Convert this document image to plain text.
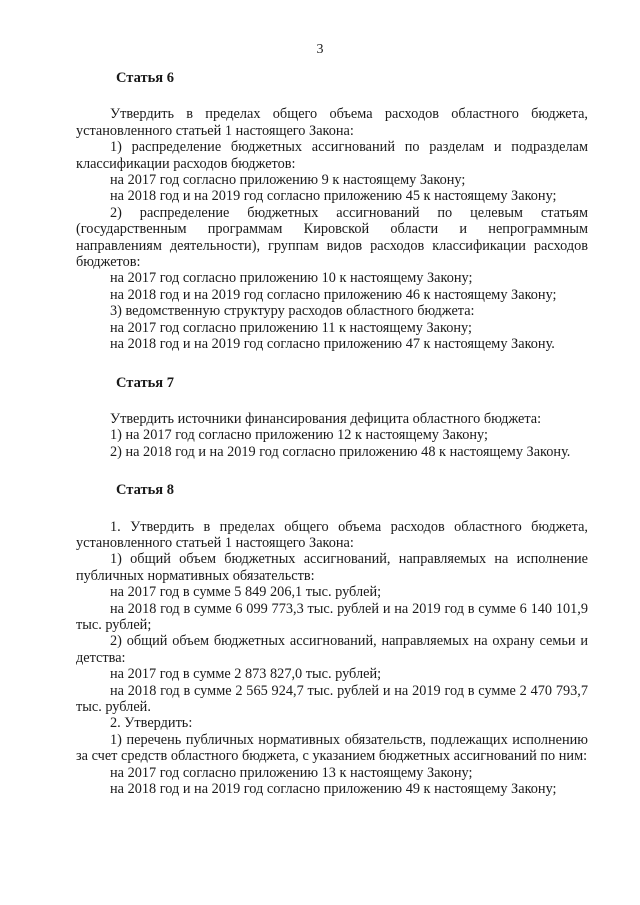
3
Статья 6

Утвердить в пределах общего объема расходов областного бюджета, установленного статьей 1 настоящего Закона:

1) распределение бюджетных ассигнований по разделам и подразделам классификации расходов бюджетов:

на 2017 год согласно приложению 9 к настоящему Закону;

на 2018 год и на 2019 год согласно приложению 45 к настоящему Закону;

2) распределение бюджетных ассигнований по целевым статьям (государственным программам Кировской области и непрограммным направлениям деятельности), группам видов расходов классификации расходов бюджетов:

на 2017 год согласно приложению 10 к настоящему Закону;

на 2018 год и на 2019 год согласно приложению 46 к настоящему Закону;

3) ведомственную структуру расходов областного бюджета:

на 2017 год согласно приложению 11 к настоящему Закону;

на 2018 год и на 2019 год согласно приложению 47 к настоящему Закону.

Статья 7

Утвердить источники финансирования дефицита областного бюджета:

1) на 2017 год согласно приложению 12 к настоящему Закону;

2) на 2018 год и на 2019 год согласно приложению 48 к настоящему Закону.

Статья 8

1. Утвердить в пределах общего объема расходов областного бюджета, установленного статьей 1 настоящего Закона:

1) общий объем бюджетных ассигнований, направляемых на исполнение публичных нормативных обязательств:

на 2017 год в сумме 5 849 206,1 тыс. рублей;

на 2018 год в сумме 6 099 773,3 тыс. рублей и на 2019 год в сумме 6 140 101,9 тыс. рублей;

2) общий объем бюджетных ассигнований, направляемых на охрану семьи и детства:

на 2017 год в сумме 2 873 827,0 тыс. рублей;

на 2018 год в сумме 2 565 924,7 тыс. рублей и на 2019 год в сумме 2 470 793,7 тыс. рублей.

2. Утвердить:

1) перечень публичных нормативных обязательств, подлежащих исполнению за счет средств областного бюджета, с указанием бюджетных ассигнований по ним:

на 2017 год согласно приложению 13 к настоящему Закону;

на 2018 год и на 2019 год согласно приложению 49 к настоящему Закону;
